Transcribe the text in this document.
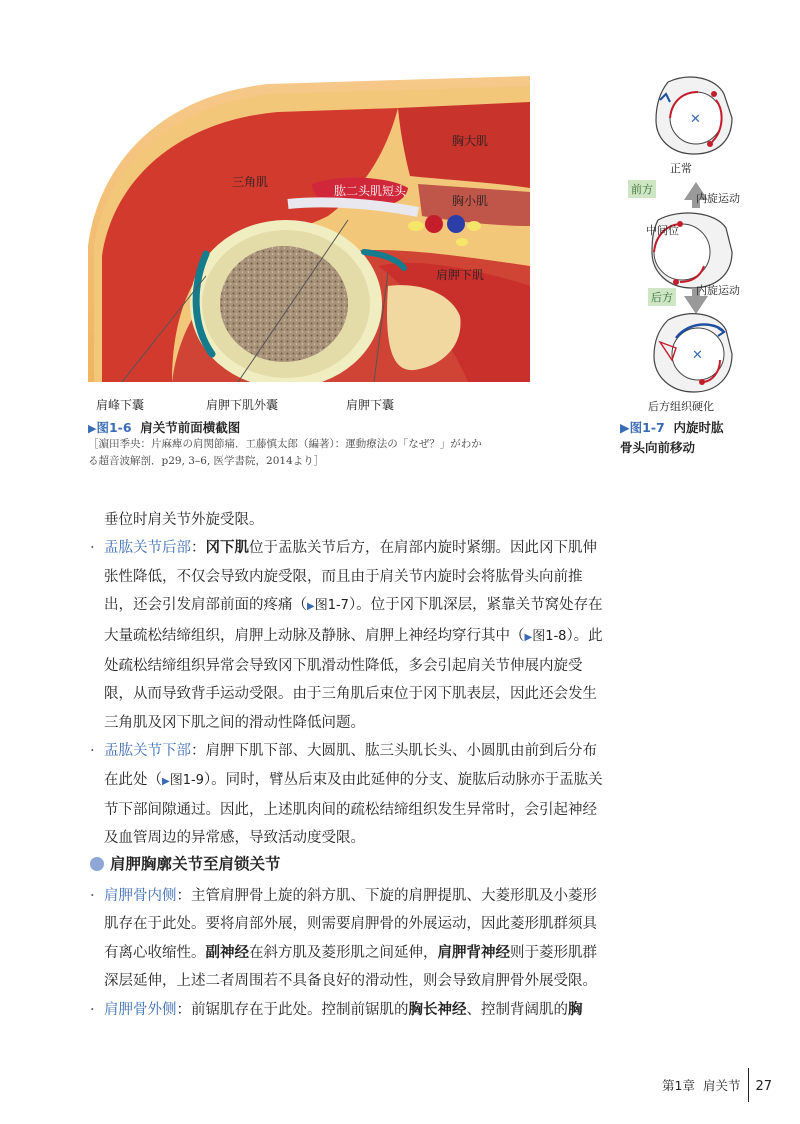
三角肌
胸大肌
肱二头肌短头
胸小肌
肩胛下肌
肩峰下囊	肩胛下肌外囊	肩胛下囊
▶图1-6 肩关节前面横截图
［濵田季央：片麻痺の肩関節痛．工藤慎太郎（編著）：運動療法の「なぜ？」がわか
る超音波解剖．p29, 3–6, 医学書院，2014より］
✕
✕
正常
前方
内旋运动
中间位
后方
内旋运动
后方组织硬化
▶图1-7 内旋时肱
骨头向前移动

垂位时肩关节外旋受限。

· 盂肱关节后部：冈下肌位于盂肱关节后方，在肩部内旋时紧绷。因此冈下肌伸张性降低，不仅会导致内旋受限，而且由于肩关节内旋时会将肱骨头向前推出，还会引发肩部前面的疼痛（▶图1-7）。位于冈下肌深层，紧靠关节窝处存在大量疏松结缔组织，肩胛上动脉及静脉、肩胛上神经均穿行其中（▶图1-8）。此处疏松结缔组织异常会导致冈下肌滑动性降低，多会引起肩关节伸展内旋受限，从而导致背手运动受限。由于三角肌后束位于冈下肌表层，因此还会发生三角肌及冈下肌之间的滑动性降低问题。

· 盂肱关节下部：肩胛下肌下部、大圆肌、肱三头肌长头、小圆肌由前到后分布在此处（▶图1-9）。同时，臂丛后束及由此延伸的分支、旋肱后动脉亦于盂肱关节下部间隙通过。因此，上述肌肉间的疏松结缔组织发生异常时，会引起神经及血管周边的异常感，导致活动度受限。

肩胛胸廓关节至肩锁关节

· 肩胛骨内侧：主管肩胛骨上旋的斜方肌、下旋的肩胛提肌、大菱形肌及小菱形肌存在于此处。要将肩部外展，则需要肩胛骨的外展运动，因此菱形肌群须具有离心收缩性。副神经在斜方肌及菱形肌之间延伸，肩胛背神经则于菱形肌群深层延伸，上述二者周围若不具备良好的滑动性，则会导致肩胛骨外展受限。

· 肩胛骨外侧：前锯肌存在于此处。控制前锯肌的胸长神经、控制背阔肌的胸

第1章 肩关节 27
